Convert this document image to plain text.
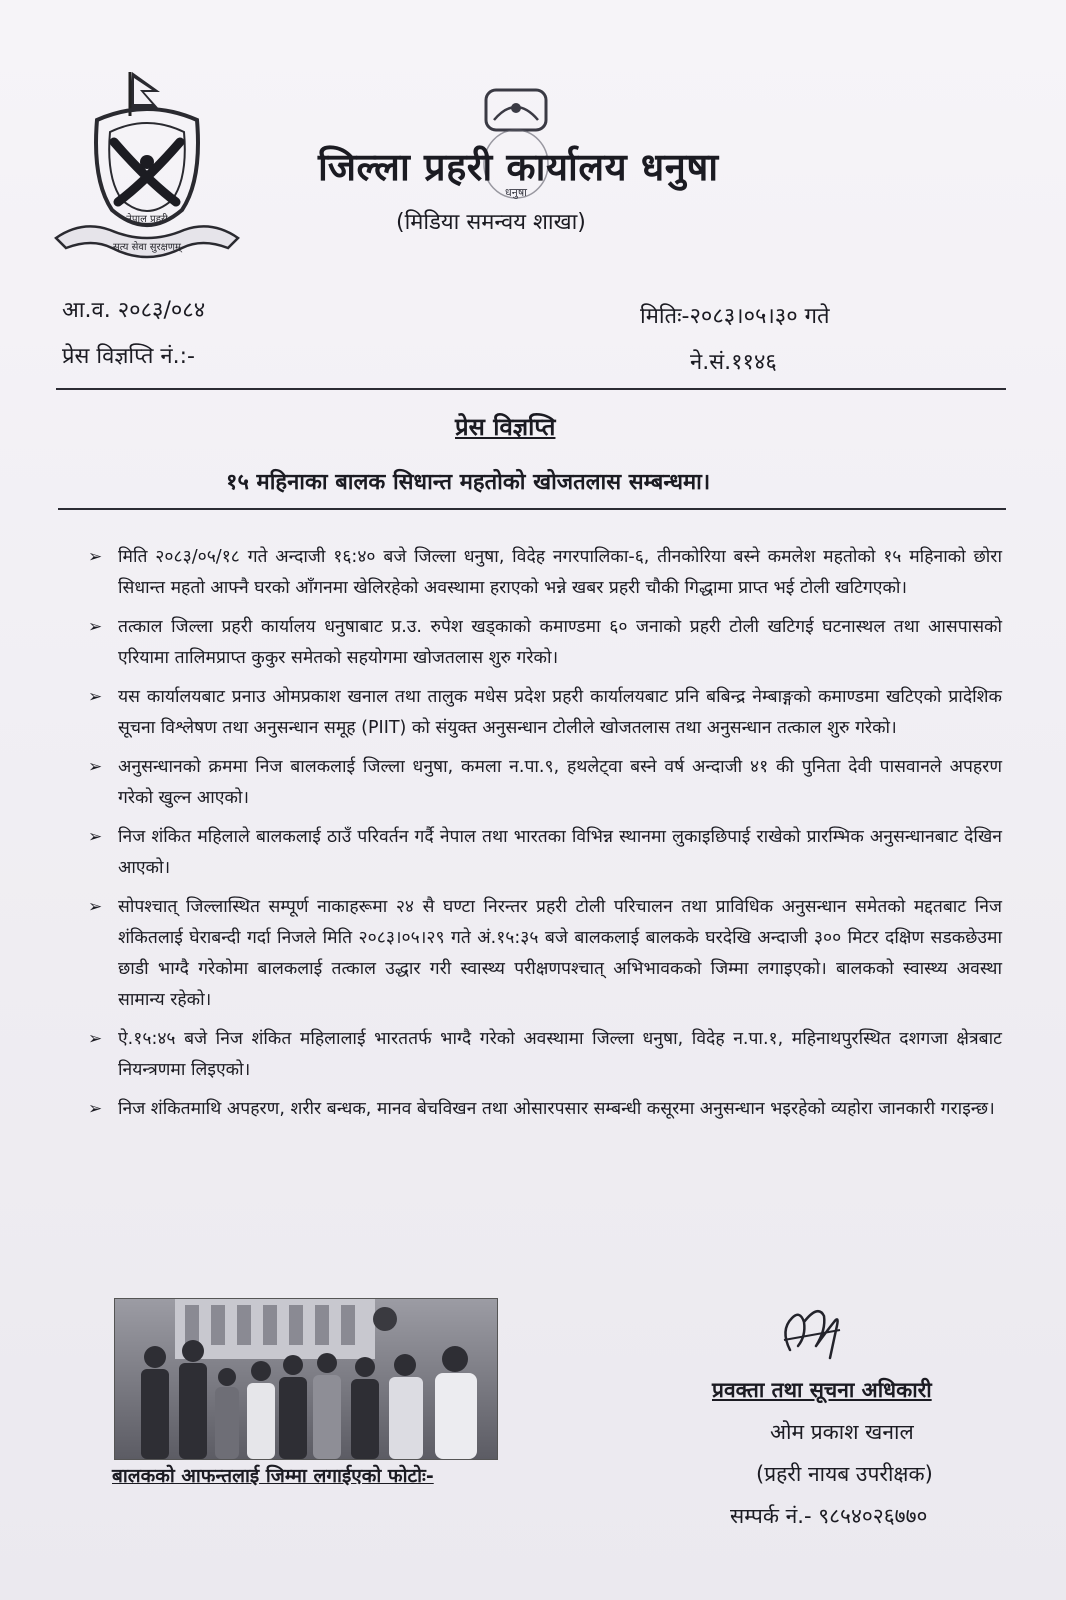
नेपाल प्रहरी
सत्य सेवा सुरक्षणम्
धनुषा
जिल्ला प्रहरी कार्यालय धनुषा
(मिडिया समन्वय शाखा)
आ.व. २०८३/०८४
प्रेस विज्ञप्ति नं.:-
मितिः-२०८३।०५।३० गते
ने.सं.११४६
प्रेस विज्ञप्ति
१५ महिनाका बालक सिधान्त महतोको खोजतलास सम्बन्धमा।
➢ मिति २०८३/०५/१८ गते अन्दाजी १६:४० बजे जिल्ला धनुषा, विदेह नगरपालिका-६, तीनकोरिया बस्ने कमलेश महतोको १५ महिनाको छोरा सिधान्त महतो आफ्नै घरको आँगनमा खेलिरहेको अवस्थामा हराएको भन्ने खबर प्रहरी चौकी गिद्धामा प्राप्त भई टोली खटिगएको।
➢ तत्काल जिल्ला प्रहरी कार्यालय धनुषाबाट प्र.उ. रुपेश खड्काको कमाण्डमा ६० जनाको प्रहरी टोली खटिगई घटनास्थल तथा आसपासको एरियामा तालिमप्राप्त कुकुर समेतको सहयोगमा खोजतलास शुरु गरेको।
➢ यस कार्यालयबाट प्रनाउ ओमप्रकाश खनाल तथा तालुक मधेस प्रदेश प्रहरी कार्यालयबाट प्रनि बबिन्द्र नेम्बाङ्गको कमाण्डमा खटिएको प्रादेशिक सूचना विश्लेषण तथा अनुसन्धान समूह (PIIT) को संयुक्त अनुसन्धान टोलीले खोजतलास तथा अनुसन्धान तत्काल शुरु गरेको।
➢ अनुसन्धानको क्रममा निज बालकलाई जिल्ला धनुषा, कमला न.पा.९, हथलेट्वा बस्ने वर्ष अन्दाजी ४१ की पुनिता देवी पासवानले अपहरण गरेको खुल्न आएको।
➢ निज शंकित महिलाले बालकलाई ठाउँ परिवर्तन गर्दै नेपाल तथा भारतका विभिन्न स्थानमा लुकाइछिपाई राखेको प्रारम्भिक अनुसन्धानबाट देखिन आएको।
➢ सोपश्चात् जिल्लास्थित सम्पूर्ण नाकाहरूमा २४ सै घण्टा निरन्तर प्रहरी टोली परिचालन तथा प्राविधिक अनुसन्धान समेतको मद्दतबाट निज शंकितलाई घेराबन्दी गर्दा निजले मिति २०८३।०५।२९ गते अं.१५:३५ बजे बालकलाई बालकके घरदेखि अन्दाजी ३०० मिटर दक्षिण सडकछेउमा छाडी भाग्दै गरेकोमा बालकलाई तत्काल उद्धार गरी स्वास्थ्य परीक्षणपश्चात् अभिभावकको जिम्मा लगाइएको। बालकको स्वास्थ्य अवस्था सामान्य रहेको।
➢ ऐ.१५:४५ बजे निज शंकित महिलालाई भारततर्फ भाग्दै गरेको अवस्थामा जिल्ला धनुषा, विदेह न.पा.१, महिनाथपुरस्थित दशगजा क्षेत्रबाट नियन्त्रणमा लिइएको।
➢ निज शंकितमाथि अपहरण, शरीर बन्धक, मानव बेचविखन तथा ओसारपसार सम्बन्धी कसूरमा अनुसन्धान भइरहेको व्यहोरा जानकारी गराइन्छ।
बालकको आफन्तलाई जिम्मा लगाईएको फोटोः-
प्रवक्ता तथा सूचना अधिकारी
ओम प्रकाश खनाल
(प्रहरी नायब उपरीक्षक)
सम्पर्क नं.- ९८५४०२६७७०
